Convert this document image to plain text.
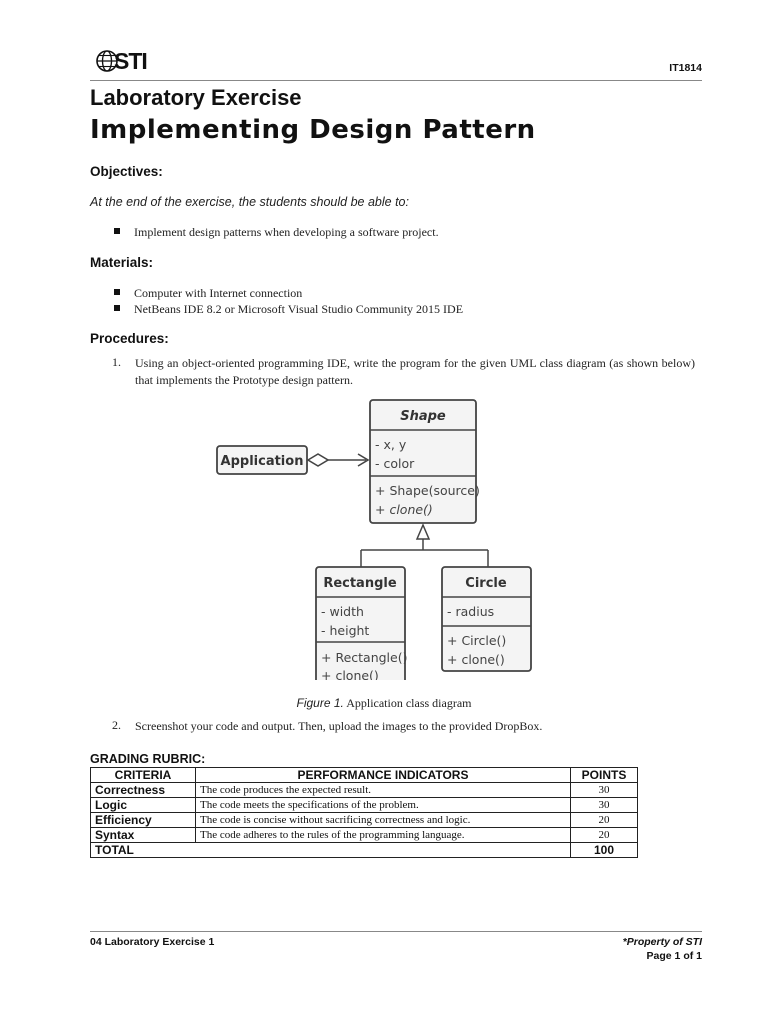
STI	IT1814
Laboratory Exercise
Implementing Design Pattern
Objectives:
At the end of the exercise, the students should be able to:
Implement design patterns when developing a software project.
Materials:
Computer with Internet connection
NetBeans IDE 8.2 or Microsoft Visual Studio Community 2015 IDE
Procedures:
1. Using an object-oriented programming IDE, write the program for the given UML class diagram (as shown below) that implements the Prototype design pattern.
Application
Shape
- x, y
- color
+ Shape(source)
+ clone()
Rectangle
- width
- height
+ Rectangle()
+ clone()
Circle
- radius
+ Circle()
+ clone()
Figure 1. Application class diagram
2. Screenshot your code and output. Then, upload the images to the provided DropBox.
GRADING RUBRIC:
CRITERIA	PERFORMANCE INDICATORS	POINTS
Correctness	The code produces the expected result.	30
Logic	The code meets the specifications of the problem.	30
Efficiency	The code is concise without sacrificing correctness and logic.	20
Syntax	The code adheres to the rules of the programming language.	20
TOTAL		100
04 Laboratory Exercise 1	*Property of STI
Page 1 of 1
